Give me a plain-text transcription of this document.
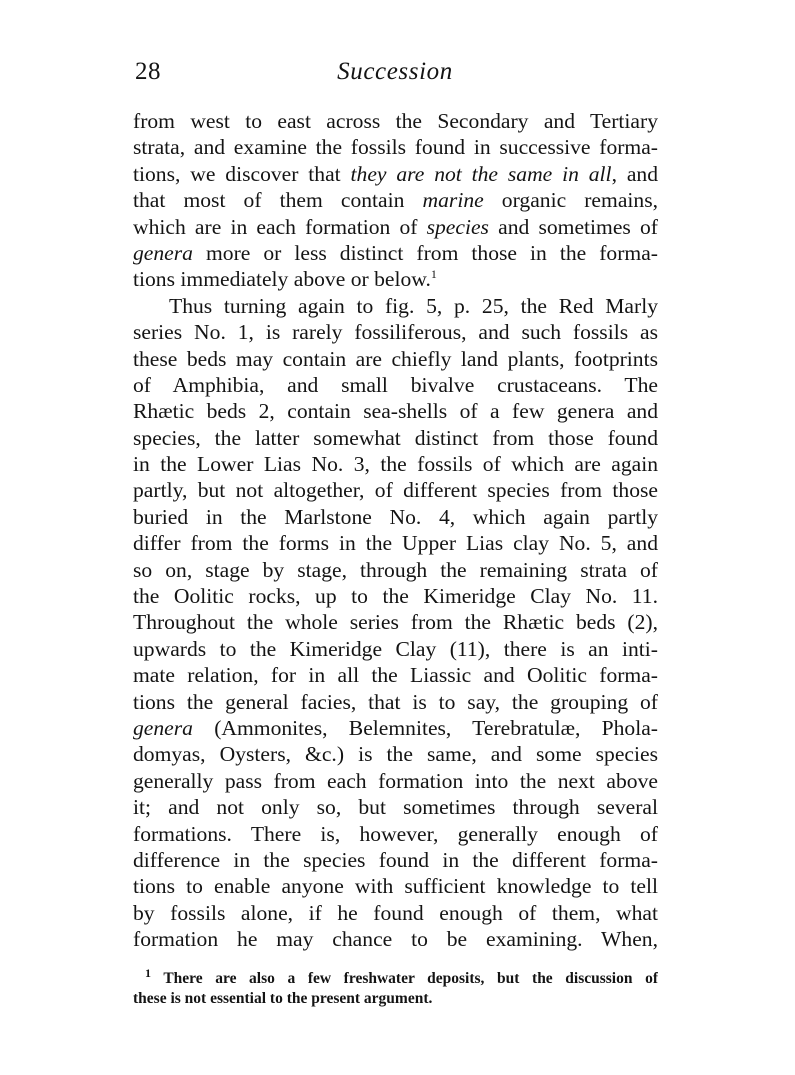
28	Succession
from west to east across the Secondary and Tertiary
strata, and examine the fossils found in successive forma-
tions, we discover that they are not the same in all, and
that most of them contain marine organic remains,
which are in each formation of species and sometimes of
genera more or less distinct from those in the forma-
tions immediately above or below.$^1$
Thus turning again to fig. 5, p. 25, the Red Marly
series No. 1, is rarely fossiliferous, and such fossils as
these beds may contain are chiefly land plants, footprints
of Amphibia, and small bivalve crustaceans. The
Rhætic beds 2, contain sea-shells of a few genera and
species, the latter somewhat distinct from those found
in the Lower Lias No. 3, the fossils of which are again
partly, but not altogether, of different species from those
buried in the Marlstone No. 4, which again partly
differ from the forms in the Upper Lias clay No. 5, and
so on, stage by stage, through the remaining strata of
the Oolitic rocks, up to the Kimeridge Clay No. 11.
Throughout the whole series from the Rhætic beds (2),
upwards to the Kimeridge Clay (11), there is an inti-
mate relation, for in all the Liassic and Oolitic forma-
tions the general facies, that is to say, the grouping of
genera (Ammonites, Belemnites, Terebratulæ, Phola-
domyas, Oysters, &c.) is the same, and some species
generally pass from each formation into the next above
it; and not only so, but sometimes through several
formations. There is, however, generally enough of
difference in the species found in the different forma-
tions to enable anyone with sufficient knowledge to tell
by fossils alone, if he found enough of them, what
formation he may chance to be examining. When,
$^1$ There are also a few freshwater deposits, but the discussion of
these is not essential to the present argument.
